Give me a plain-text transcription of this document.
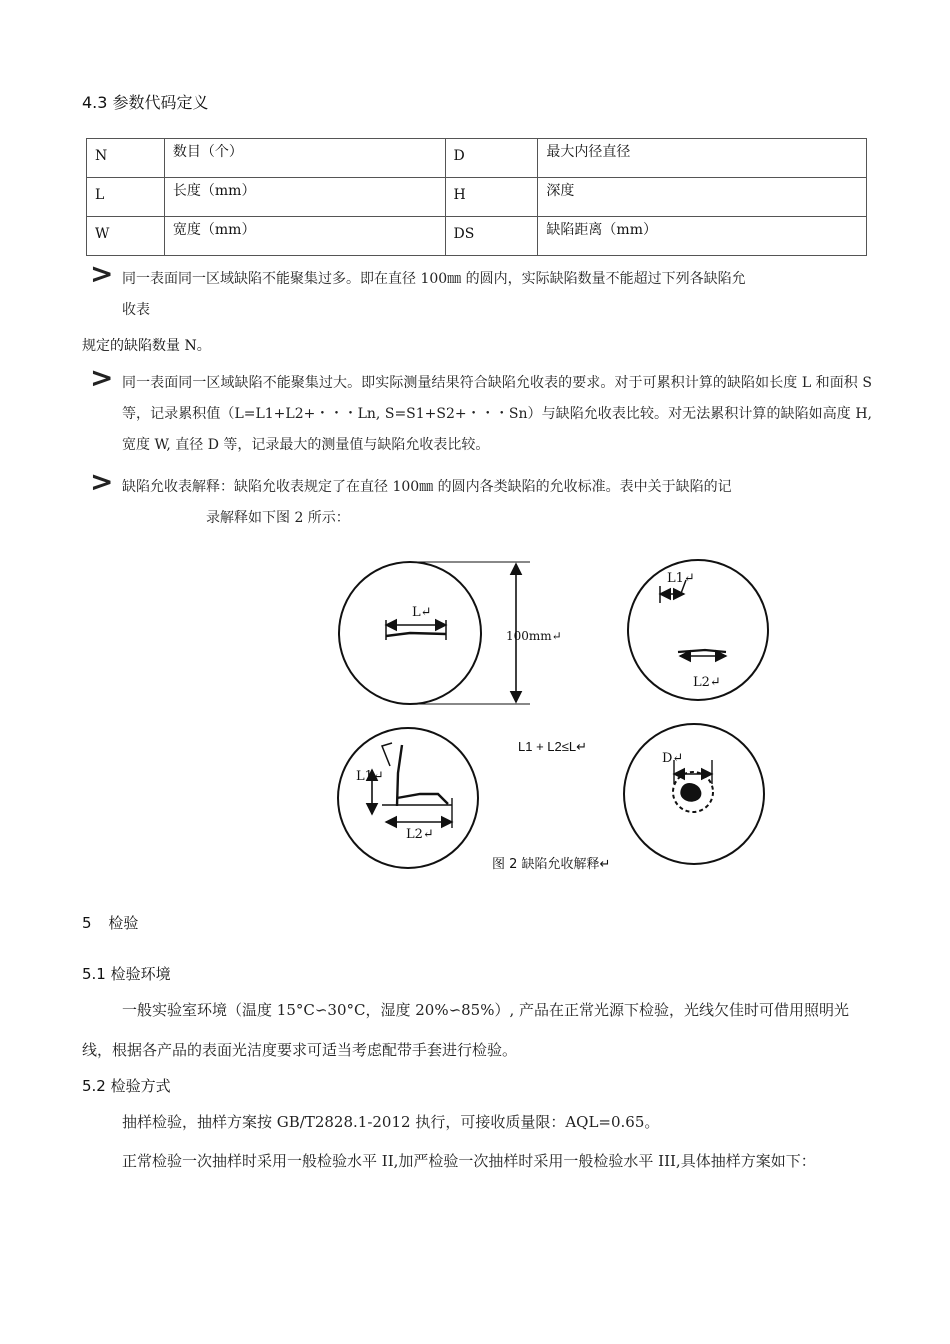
4.3 参数代码定义
N	数目（个）	D	最大内径直径
L	长度（mm）	H	深度
W	宽度（mm）	DS	缺陷距离（mm）
> 同一表面同一区域缺陷不能聚集过多。即在直径 100㎜ 的圆内，实际缺陷数量不能超过下列各缺陷允
收表
规定的缺陷数量 N。
> 同一表面同一区域缺陷不能聚集过大。即实际测量结果符合缺陷允收表的要求。对于可累积计算的缺陷如长度 L 和面积 S 等，记录累积值（L=L1+L2+・・・Ln, S=S1+S2+・・・Sn）与缺陷允收表比较。对无法累积计算的缺陷如高度 H, 宽度 W, 直径 D 等，记录最大的测量值与缺陷允收表比较。
> 缺陷允收表解释：缺陷允收表规定了在直径 100㎜ 的圆内各类缺陷的允收标准。表中关于缺陷的记
录解释如下图 2 所示：
L↵
100mm↵
L1↵
L2↵
L1 + L2≤L↵
L1↵
L2↵
D↵
图 2 缺陷允收解释↵
5 检验
5.1 检验环境
一般实验室环境（温度 15°C∽30°C，湿度 20%∽85%）, 产品在正常光源下检验，光线欠佳时可借用照明光线，根据各产品的表面光洁度要求可适当考虑配带手套进行检验。
5.2 检验方式
抽样检验，抽样方案按 GB/T2828.1-2012 执行，可接收质量限：AQL=0.65。
正常检验一次抽样时采用一般检验水平 II,加严检验一次抽样时采用一般检验水平 III,具体抽样方案如下：
